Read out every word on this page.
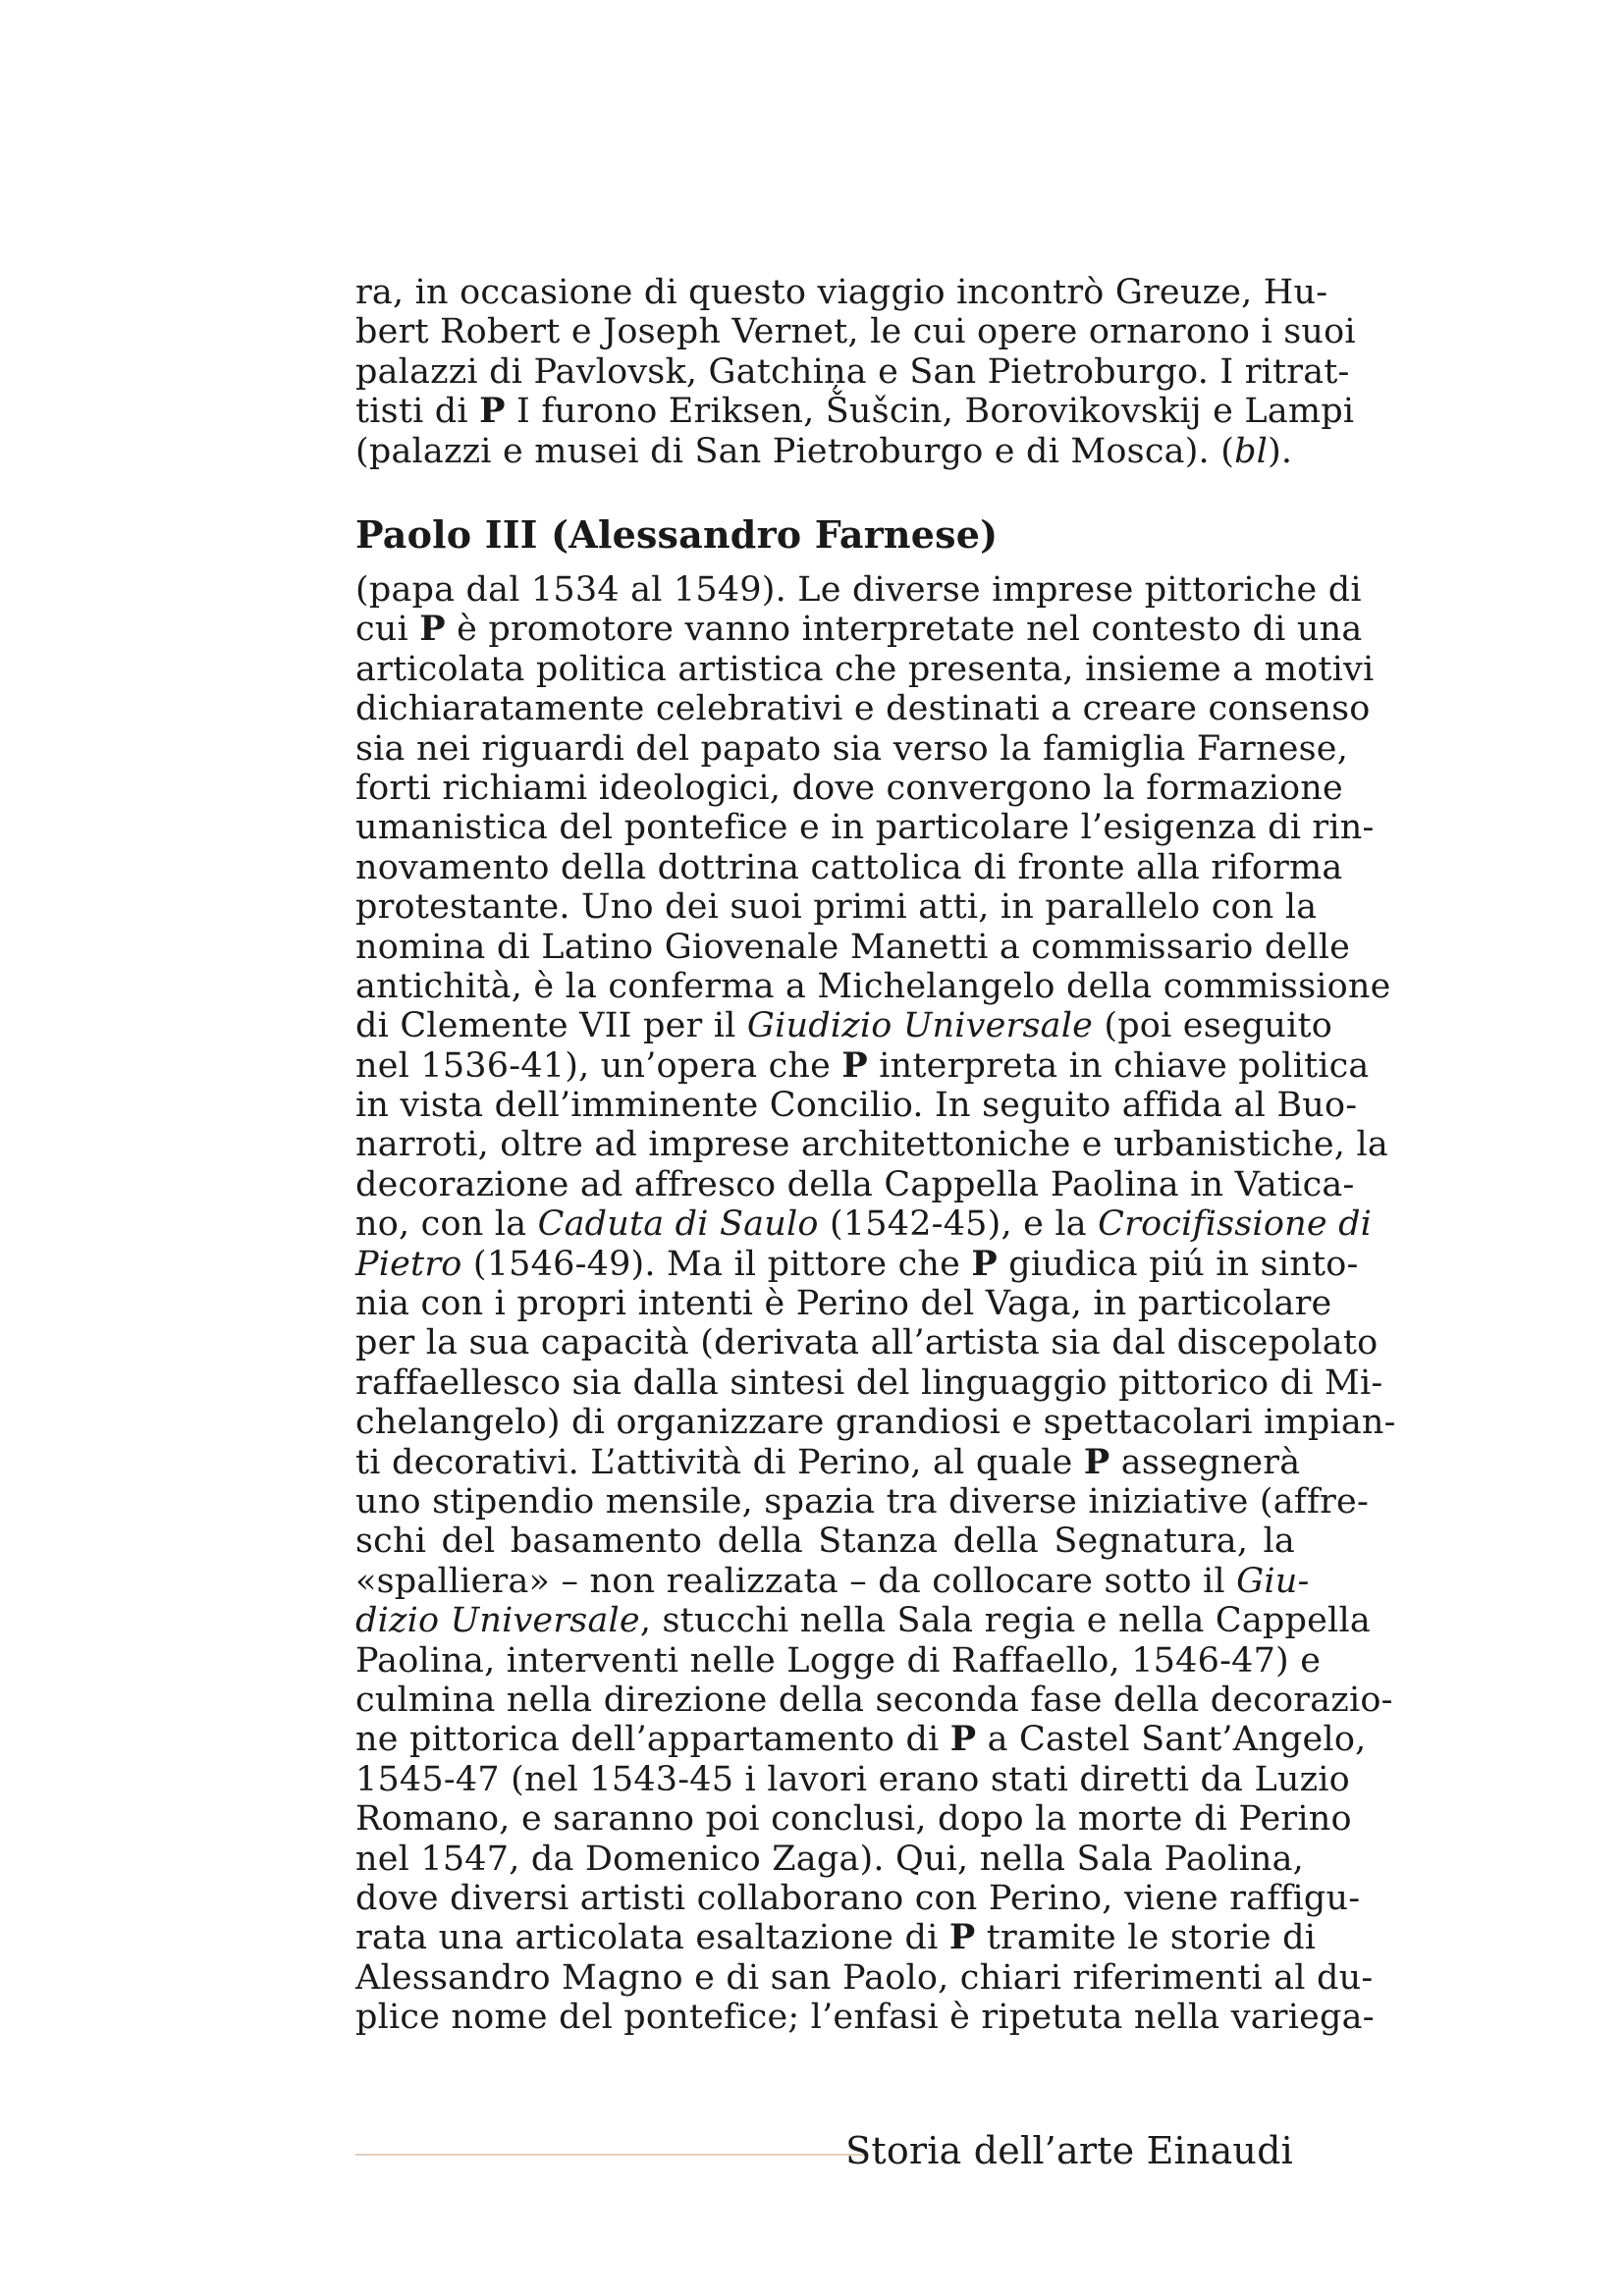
ra, in occasione di questo viaggio incontrò Greuze, Hu-
bert Robert e Joseph Vernet, le cui opere ornarono i suoi
palazzi di Pavlovsk, Gatchiņa e San Pietroburgo. I ritrat-
tisti di P I furono Eriksen, Šušcin, Borovikovskij e Lampi
(palazzi e musei di San Pietroburgo e di Mosca). (bl).
Paolo III (Alessandro Farnese)
(papa dal 1534 al 1549). Le diverse imprese pittoriche di
cui P è promotore vanno interpretate nel contesto di una
articolata politica artistica che presenta, insieme a motivi
dichiaratamente celebrativi e destinati a creare consenso
sia nei riguardi del papato sia verso la famiglia Farnese,
forti richiami ideologici, dove convergono la formazione
umanistica del pontefice e in particolare l’esigenza di rin-
novamento della dottrina cattolica di fronte alla riforma
protestante. Uno dei suoi primi atti, in parallelo con la
nomina di Latino Giovenale Manetti a commissario delle
antichità, è la conferma a Michelangelo della commissione
di Clemente VII per il Giudizio Universale (poi eseguito
nel 1536-41), un’opera che P interpreta in chiave politica
in vista dell’imminente Concilio. In seguito affida al Buo-
narroti, oltre ad imprese architettoniche e urbanistiche, la
decorazione ad affresco della Cappella Paolina in Vatica-
no, con la Caduta di Saulo (1542-45), e la Crocifissione di
Pietro (1546-49). Ma il pittore che P giudica piú in sinto-
nia con i propri intenti è Perino del Vaga, in particolare
per la sua capacità (derivata all’artista sia dal discepolato
raffaellesco sia dalla sintesi del linguaggio pittorico di Mi-
chelangelo) di organizzare grandiosi e spettacolari impian-
ti decorativi. L’attività di Perino, al quale P assegnerà
uno stipendio mensile, spazia tra diverse iniziative (affre-
schi del basamento della Stanza della Segnatura, la
«spalliera» – non realizzata – da collocare sotto il Giu-
dizio Universale, stucchi nella Sala regia e nella Cappella
Paolina, interventi nelle Logge di Raffaello, 1546-47) e
culmina nella direzione della seconda fase della decorazio-
ne pittorica dell’appartamento di P a Castel Sant’Angelo,
1545-47 (nel 1543-45 i lavori erano stati diretti da Luzio
Romano, e saranno poi conclusi, dopo la morte di Perino
nel 1547, da Domenico Zaga). Qui, nella Sala Paolina,
dove diversi artisti collaborano con Perino, viene raffigu-
rata una articolata esaltazione di P tramite le storie di
Alessandro Magno e di san Paolo, chiari riferimenti al du-
plice nome del pontefice; l’enfasi è ripetuta nella variega-
Storia dell’arte Einaudi
